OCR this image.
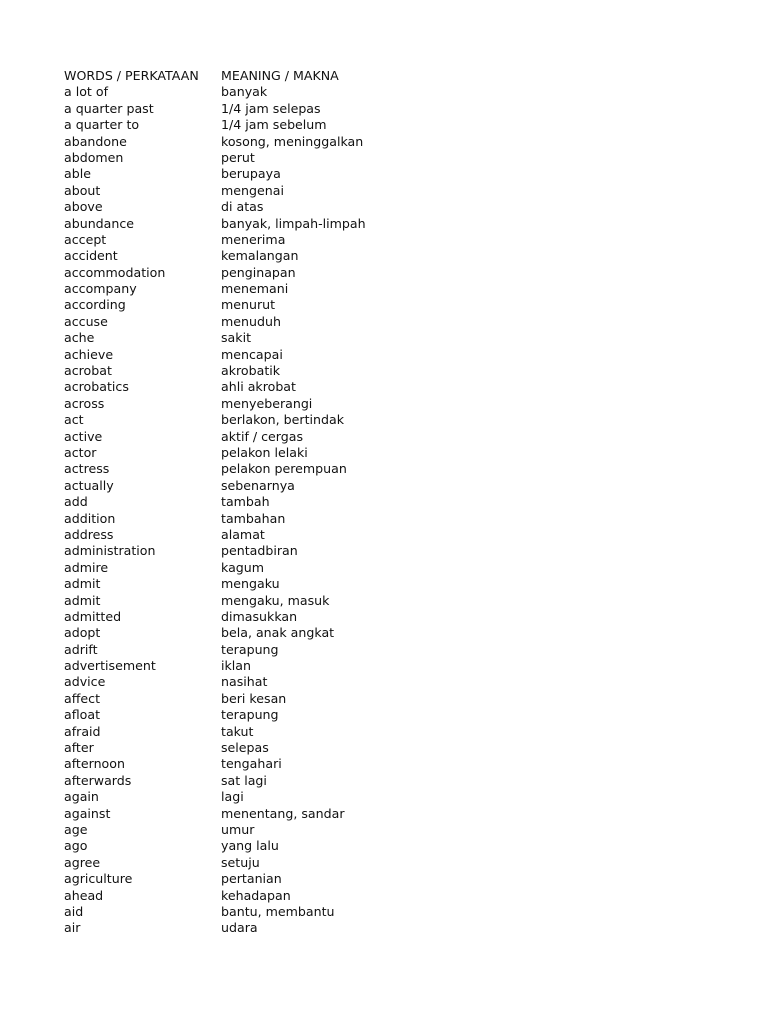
WORDS / PERKATAAN	MEANING / MAKNA
a lot of	banyak
a quarter past	1/4 jam selepas
a quarter to	1/4 jam sebelum
abandone	kosong, meninggalkan
abdomen	perut
able	berupaya
about	mengenai
above	di atas
abundance	banyak, limpah-limpah
accept	menerima
accident	kemalangan
accommodation	penginapan
accompany	menemani
according	menurut
accuse	menuduh
ache	sakit
achieve	mencapai
acrobat	akrobatik
acrobatics	ahli akrobat
across	menyeberangi
act	berlakon, bertindak
active	aktif / cergas
actor	pelakon lelaki
actress	pelakon perempuan
actually	sebenarnya
add	tambah
addition	tambahan
address	alamat
administration	pentadbiran
admire	kagum
admit	mengaku
admit	mengaku, masuk
admitted	dimasukkan
adopt	bela, anak angkat
adrift	terapung
advertisement	iklan
advice	nasihat
affect	beri kesan
afloat	terapung
afraid	takut
after	selepas
afternoon	tengahari
afterwards	sat lagi
again	lagi
against	menentang, sandar
age	umur
ago	yang lalu
agree	setuju
agriculture	pertanian
ahead	kehadapan
aid	bantu, membantu
air	udara
